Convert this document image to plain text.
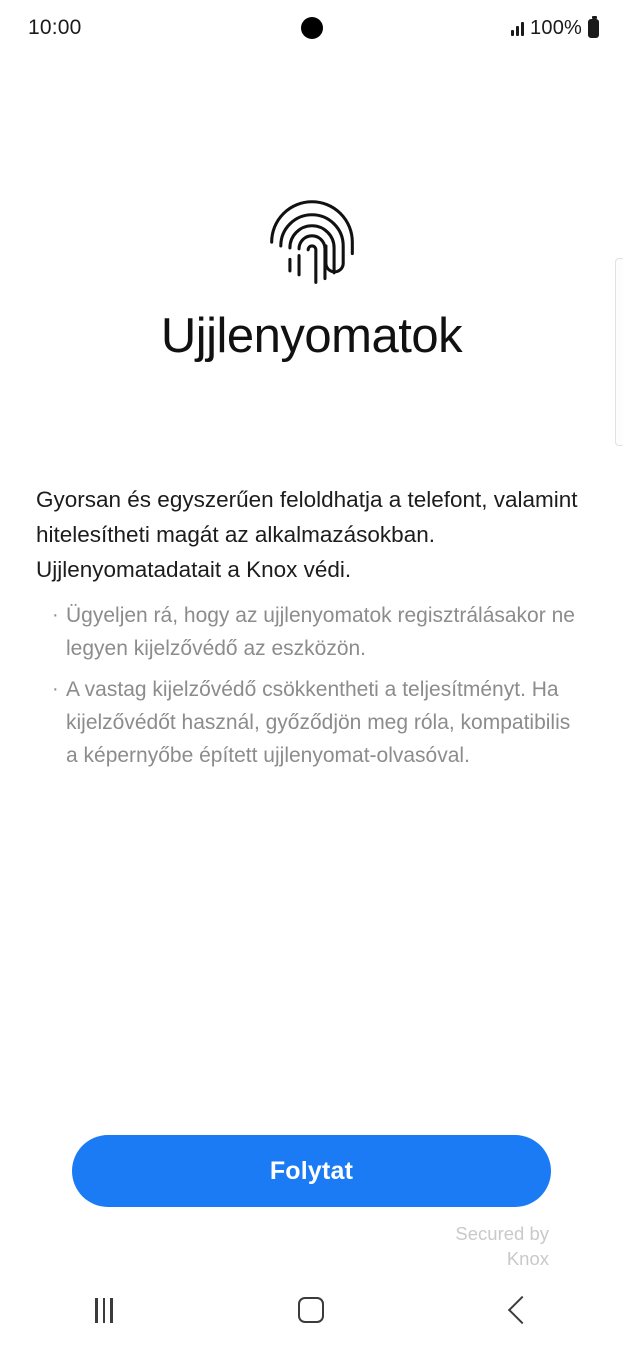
10:00	100%
Ujjlenyomatok

Gyorsan és egyszerűen feloldhatja a telefont, valamint hitelesítheti magát az alkalmazásokban. Ujjlenyomatadatait a Knox védi.

· Ügyeljen rá, hogy az ujjlenyomatok regisztrálásakor ne legyen kijelzővédő az eszközön.
· A vastag kijelzővédő csökkentheti a teljesítményt. Ha kijelzővédőt használ, győződjön meg róla, kompatibilis a képernyőbe épített ujjlenyomat-olvasóval.
Folytat
Secured by
Knox
